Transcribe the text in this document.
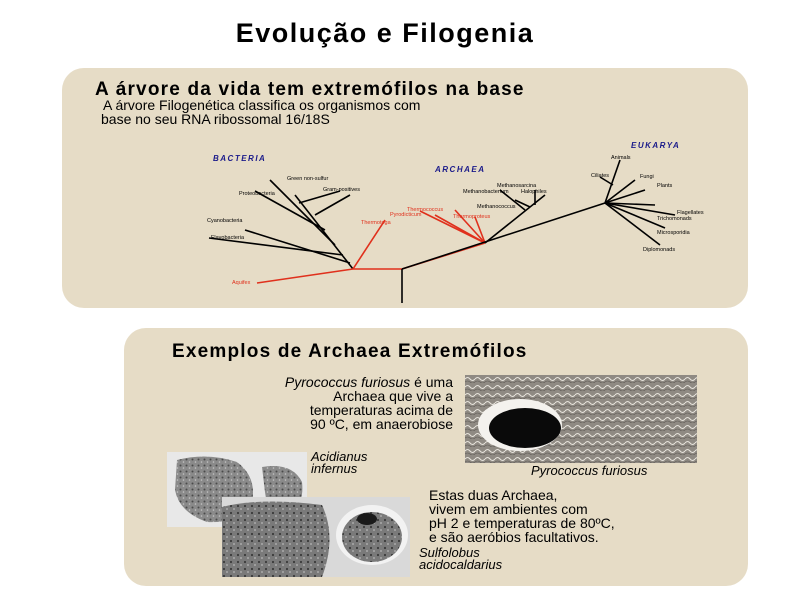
Evolução e Filogenia
A árvore da vida tem extremófilos na base
A árvore Filogenética classifica os organismos com
base no seu RNA ribossomal 16/18S
BACTERIA
ARCHAEA
EUKARYA
Green non-sulfur
Gram-positives
Proteobacteria
Cyanobacteria
Flavobacteria
Thermotoga
Aquifex
Methanosarcina
Methanobacterium Halophiles
Methanococcus
Thermococcus
Thermoproteus
Pyrodicticum
Animals
Ciliates	Fungi
Plants
Flagellates
Trichomonads
Microsporidia
Diplomonads
Exemplos de Archaea Extremófilos
Pyrococcus furiosus é uma
Archaea que vive a
temperaturas acima de
90 ºC, em anaerobiose
Pyrococcus furiosus
Acidianus
infernus
Sulfolobus
acidocaldarius
Estas duas Archaea,
vivem em ambientes com
pH 2 e temperaturas de 80ºC,
e são aeróbios facultativos.
